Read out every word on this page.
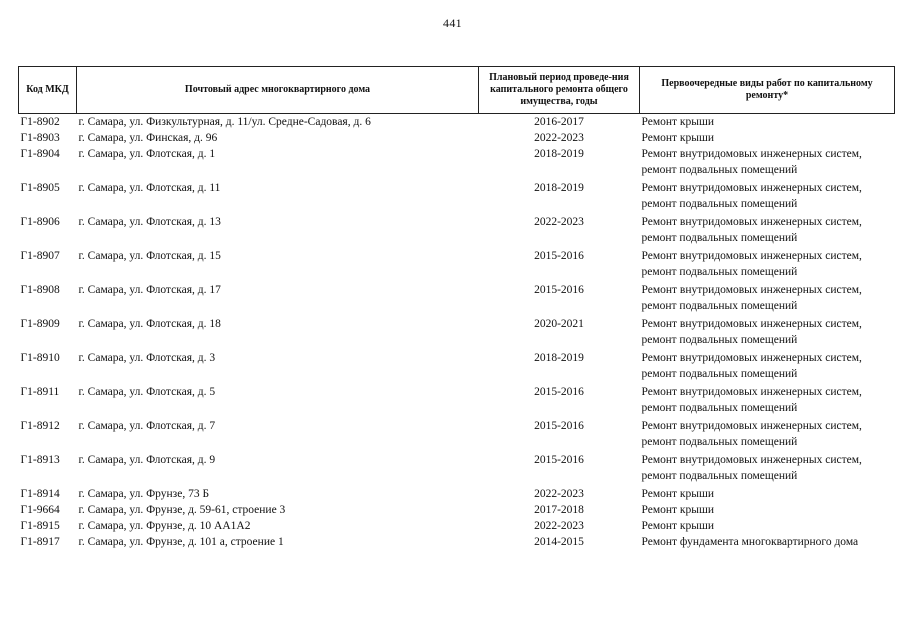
441
Код МКД	Почтовый адрес многоквартирного дома	Плановый период проведе-ния капитального ремонта общего имущества, годы	Первоочередные виды работ по капитальному ремонту*
Г1-8902	г. Самара, ул. Физкультурная, д. 11/ул. Средне-Садовая, д. 6	2016-2017	Ремонт крыши

Г1-8903	г. Самара, ул. Финская, д. 96	2022-2023	Ремонт крыши

Г1-8904	г. Самара, ул. Флотская, д. 1	2018-2019	Ремонт внутридомовых инженерных систем,
ремонт подвальных помещений

Г1-8905	г. Самара, ул. Флотская, д. 11	2018-2019	Ремонт внутридомовых инженерных систем,
ремонт подвальных помещений

Г1-8906	г. Самара, ул. Флотская, д. 13	2022-2023	Ремонт внутридомовых инженерных систем,
ремонт подвальных помещений

Г1-8907	г. Самара, ул. Флотская, д. 15	2015-2016	Ремонт внутридомовых инженерных систем,
ремонт подвальных помещений

Г1-8908	г. Самара, ул. Флотская, д. 17	2015-2016	Ремонт внутридомовых инженерных систем,
ремонт подвальных помещений

Г1-8909	г. Самара, ул. Флотская, д. 18	2020-2021	Ремонт внутридомовых инженерных систем,
ремонт подвальных помещений

Г1-8910	г. Самара, ул. Флотская, д. 3	2018-2019	Ремонт внутридомовых инженерных систем,
ремонт подвальных помещений

Г1-8911	г. Самара, ул. Флотская, д. 5	2015-2016	Ремонт внутридомовых инженерных систем,
ремонт подвальных помещений

Г1-8912	г. Самара, ул. Флотская, д. 7	2015-2016	Ремонт внутридомовых инженерных систем,
ремонт подвальных помещений

Г1-8913	г. Самара, ул. Флотская, д. 9	2015-2016	Ремонт внутридомовых инженерных систем,
ремонт подвальных помещений

Г1-8914	г. Самара, ул. Фрунзе, 73 Б	2022-2023	Ремонт крыши

Г1-9664	г. Самара, ул. Фрунзе, д. 59-61, строение 3	2017-2018	Ремонт крыши

Г1-8915	г. Самара, ул. Фрунзе, д. 10 АА1А2	2022-2023	Ремонт крыши

Г1-8917	г. Самара, ул. Фрунзе, д. 101 а, строение 1	2014-2015	Ремонт фундамента многоквартирного дома
